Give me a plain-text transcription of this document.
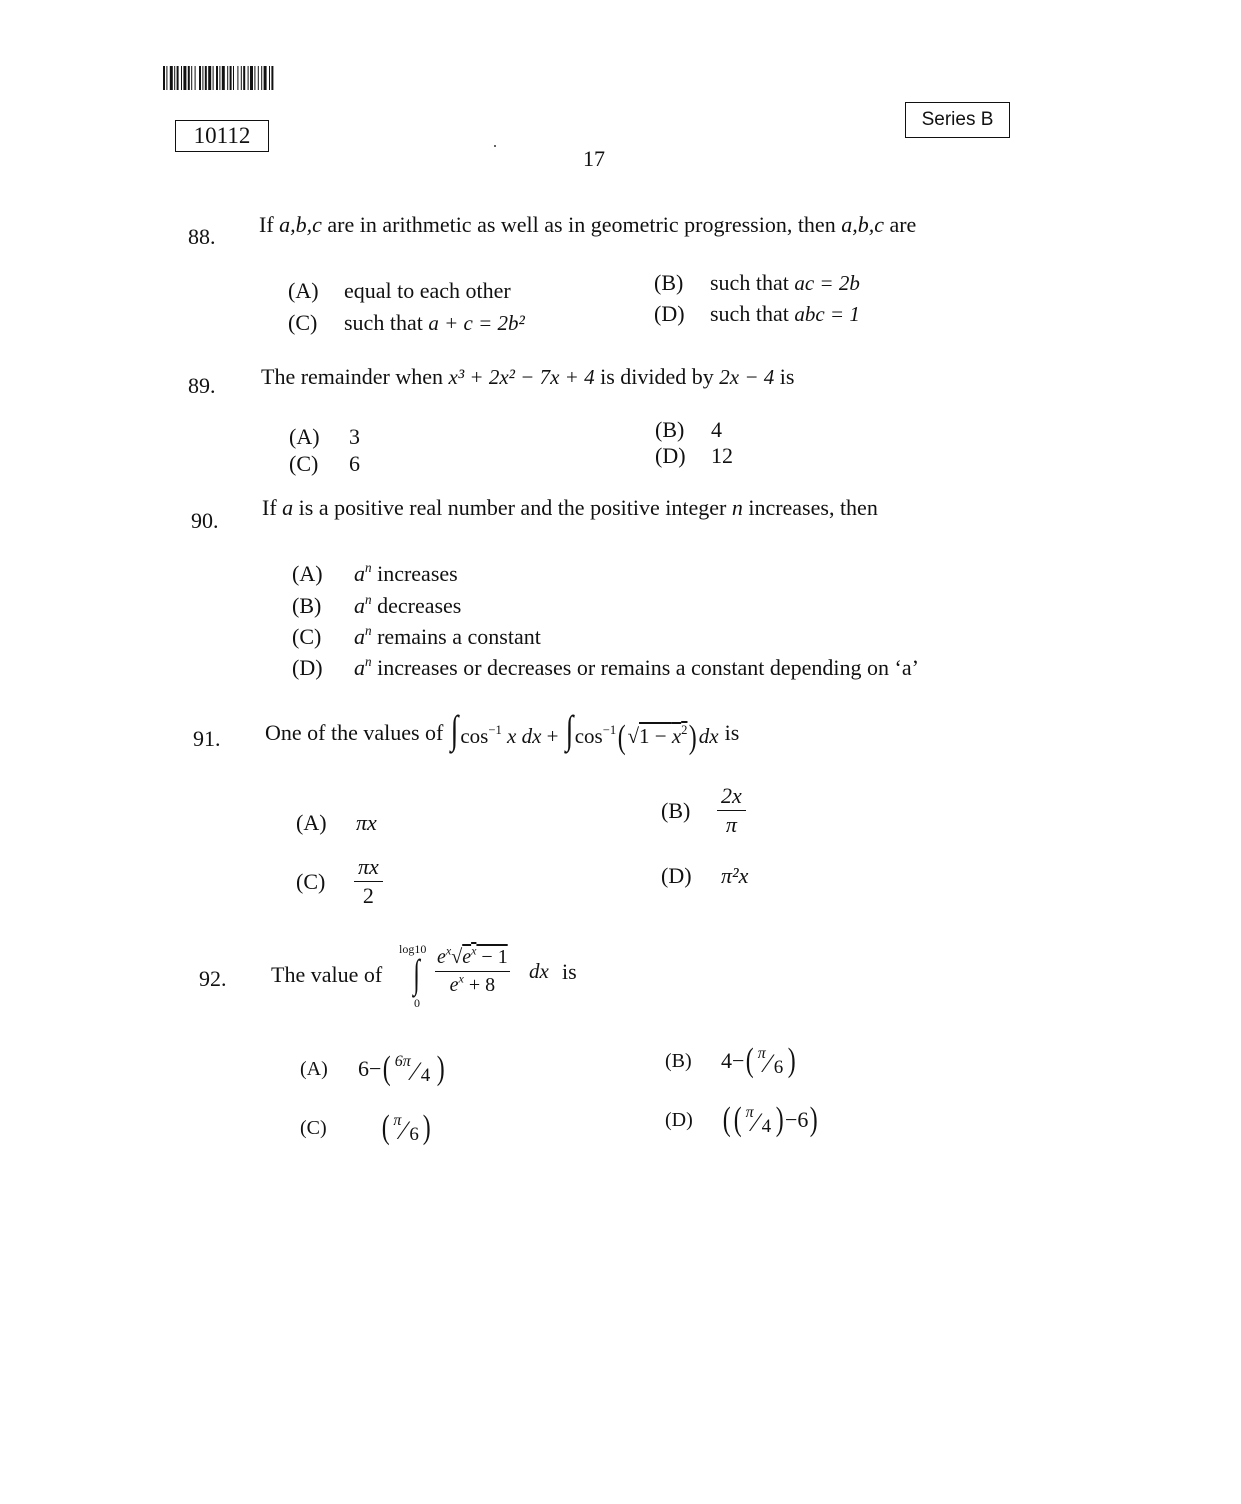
10112
Series B
17
88. If a,b,c are in arithmetic as well as in geometric progression, then a,b,c are
(A) equal to each other	(B) such that ac = 2b
(C) such that a + c = 2b²	(D) such that abc = 1
89. The remainder when x³ + 2x² − 7x + 4 is divided by 2x − 4 is
(A) 3	(B) 4
(C) 6	(D) 12
90.
If a is a positive real number and the positive integer n increases, then
(A) $a^n$ increases
(B) $a^n$ decreases
(C) $a^n$ remains a constant
(D) $a^n$ increases or decreases or remains a constant depending on ‘a’
91. One of the values of $\int\cos^{-1}$ x dx + $\int\cos^{-1}(√1 - x^2)dx$ is
(A) πx	(B)	$\frac{2x}{\pi}$
(C)	$\frac{\pi x}{2}$	(D) π²x
92. The value of
log10
∫
0
$e^x√e^x - 1$
$e^x + 8$
dx is
(A)	6− ( 6π ⁄ 4 )	(B)	4− ( π ⁄ 6 )
(C)	( π ⁄ 6 )	(D) ( ( π ⁄ 4 ) −6 )
